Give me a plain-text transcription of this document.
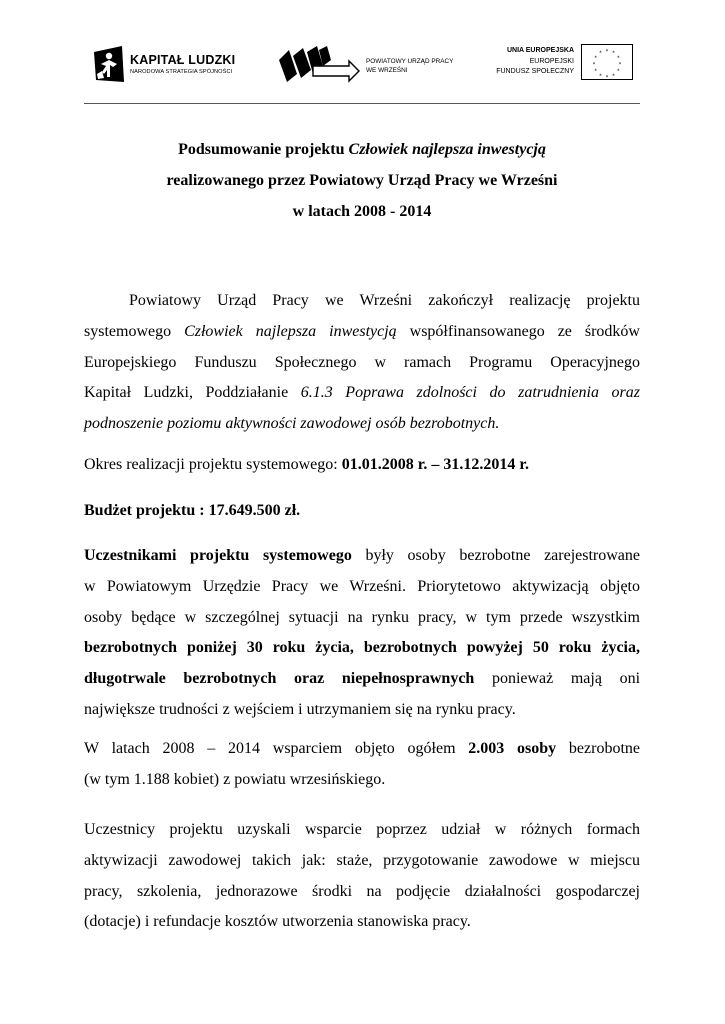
KAPITAŁ LUDZKI
NARODOWA STRATEGIA SPÓJNOŚCI
POWIATOWY URZĄD PRACY
WE WRZEŚNI
UNIA EUROPEJSKA
EUROPEJSKI
FUNDUSZ SPOŁECZNY
* *
*
*
*
*
*
*
*
*
*
*
Podsumowanie projektu Człowiek najlepsza inwestycją
realizowanego przez Powiatowy Urząd Pracy we Wrześni
w latach 2008 - 2014
Powiatowy Urząd Pracy we Wrześni zakończył realizację projektu
systemowego Człowiek najlepsza inwestycją współfinansowanego ze środków
Europejskiego Funduszu Społecznego w ramach Programu Operacyjnego
Kapitał Ludzki, Poddziałanie 6.1.3 Poprawa zdolności do zatrudnienia oraz
podnoszenie poziomu aktywności zawodowej osób bezrobotnych.
Okres realizacji projektu systemowego: 01.01.2008 r. – 31.12.2014 r.
Budżet projektu : 17.649.500 zł.
Uczestnikami projektu systemowego były osoby bezrobotne zarejestrowane
w Powiatowym Urzędzie Pracy we Wrześni. Priorytetowo aktywizacją objęto
osoby będące w szczególnej sytuacji na rynku pracy, w tym przede wszystkim
bezrobotnych poniżej 30 roku życia, bezrobotnych powyżej 50 roku życia,
długotrwale bezrobotnych oraz niepełnosprawnych ponieważ mają oni
największe trudności z wejściem i utrzymaniem się na rynku pracy.
W latach 2008 – 2014 wsparciem objęto ogółem 2.003 osoby bezrobotne
(w tym 1.188 kobiet) z powiatu wrzesińskiego.
Uczestnicy projektu uzyskali wsparcie poprzez udział w różnych formach
aktywizacji zawodowej takich jak: staże, przygotowanie zawodowe w miejscu
pracy, szkolenia, jednorazowe środki na podjęcie działalności gospodarczej
(dotacje) i refundacje kosztów utworzenia stanowiska pracy.
